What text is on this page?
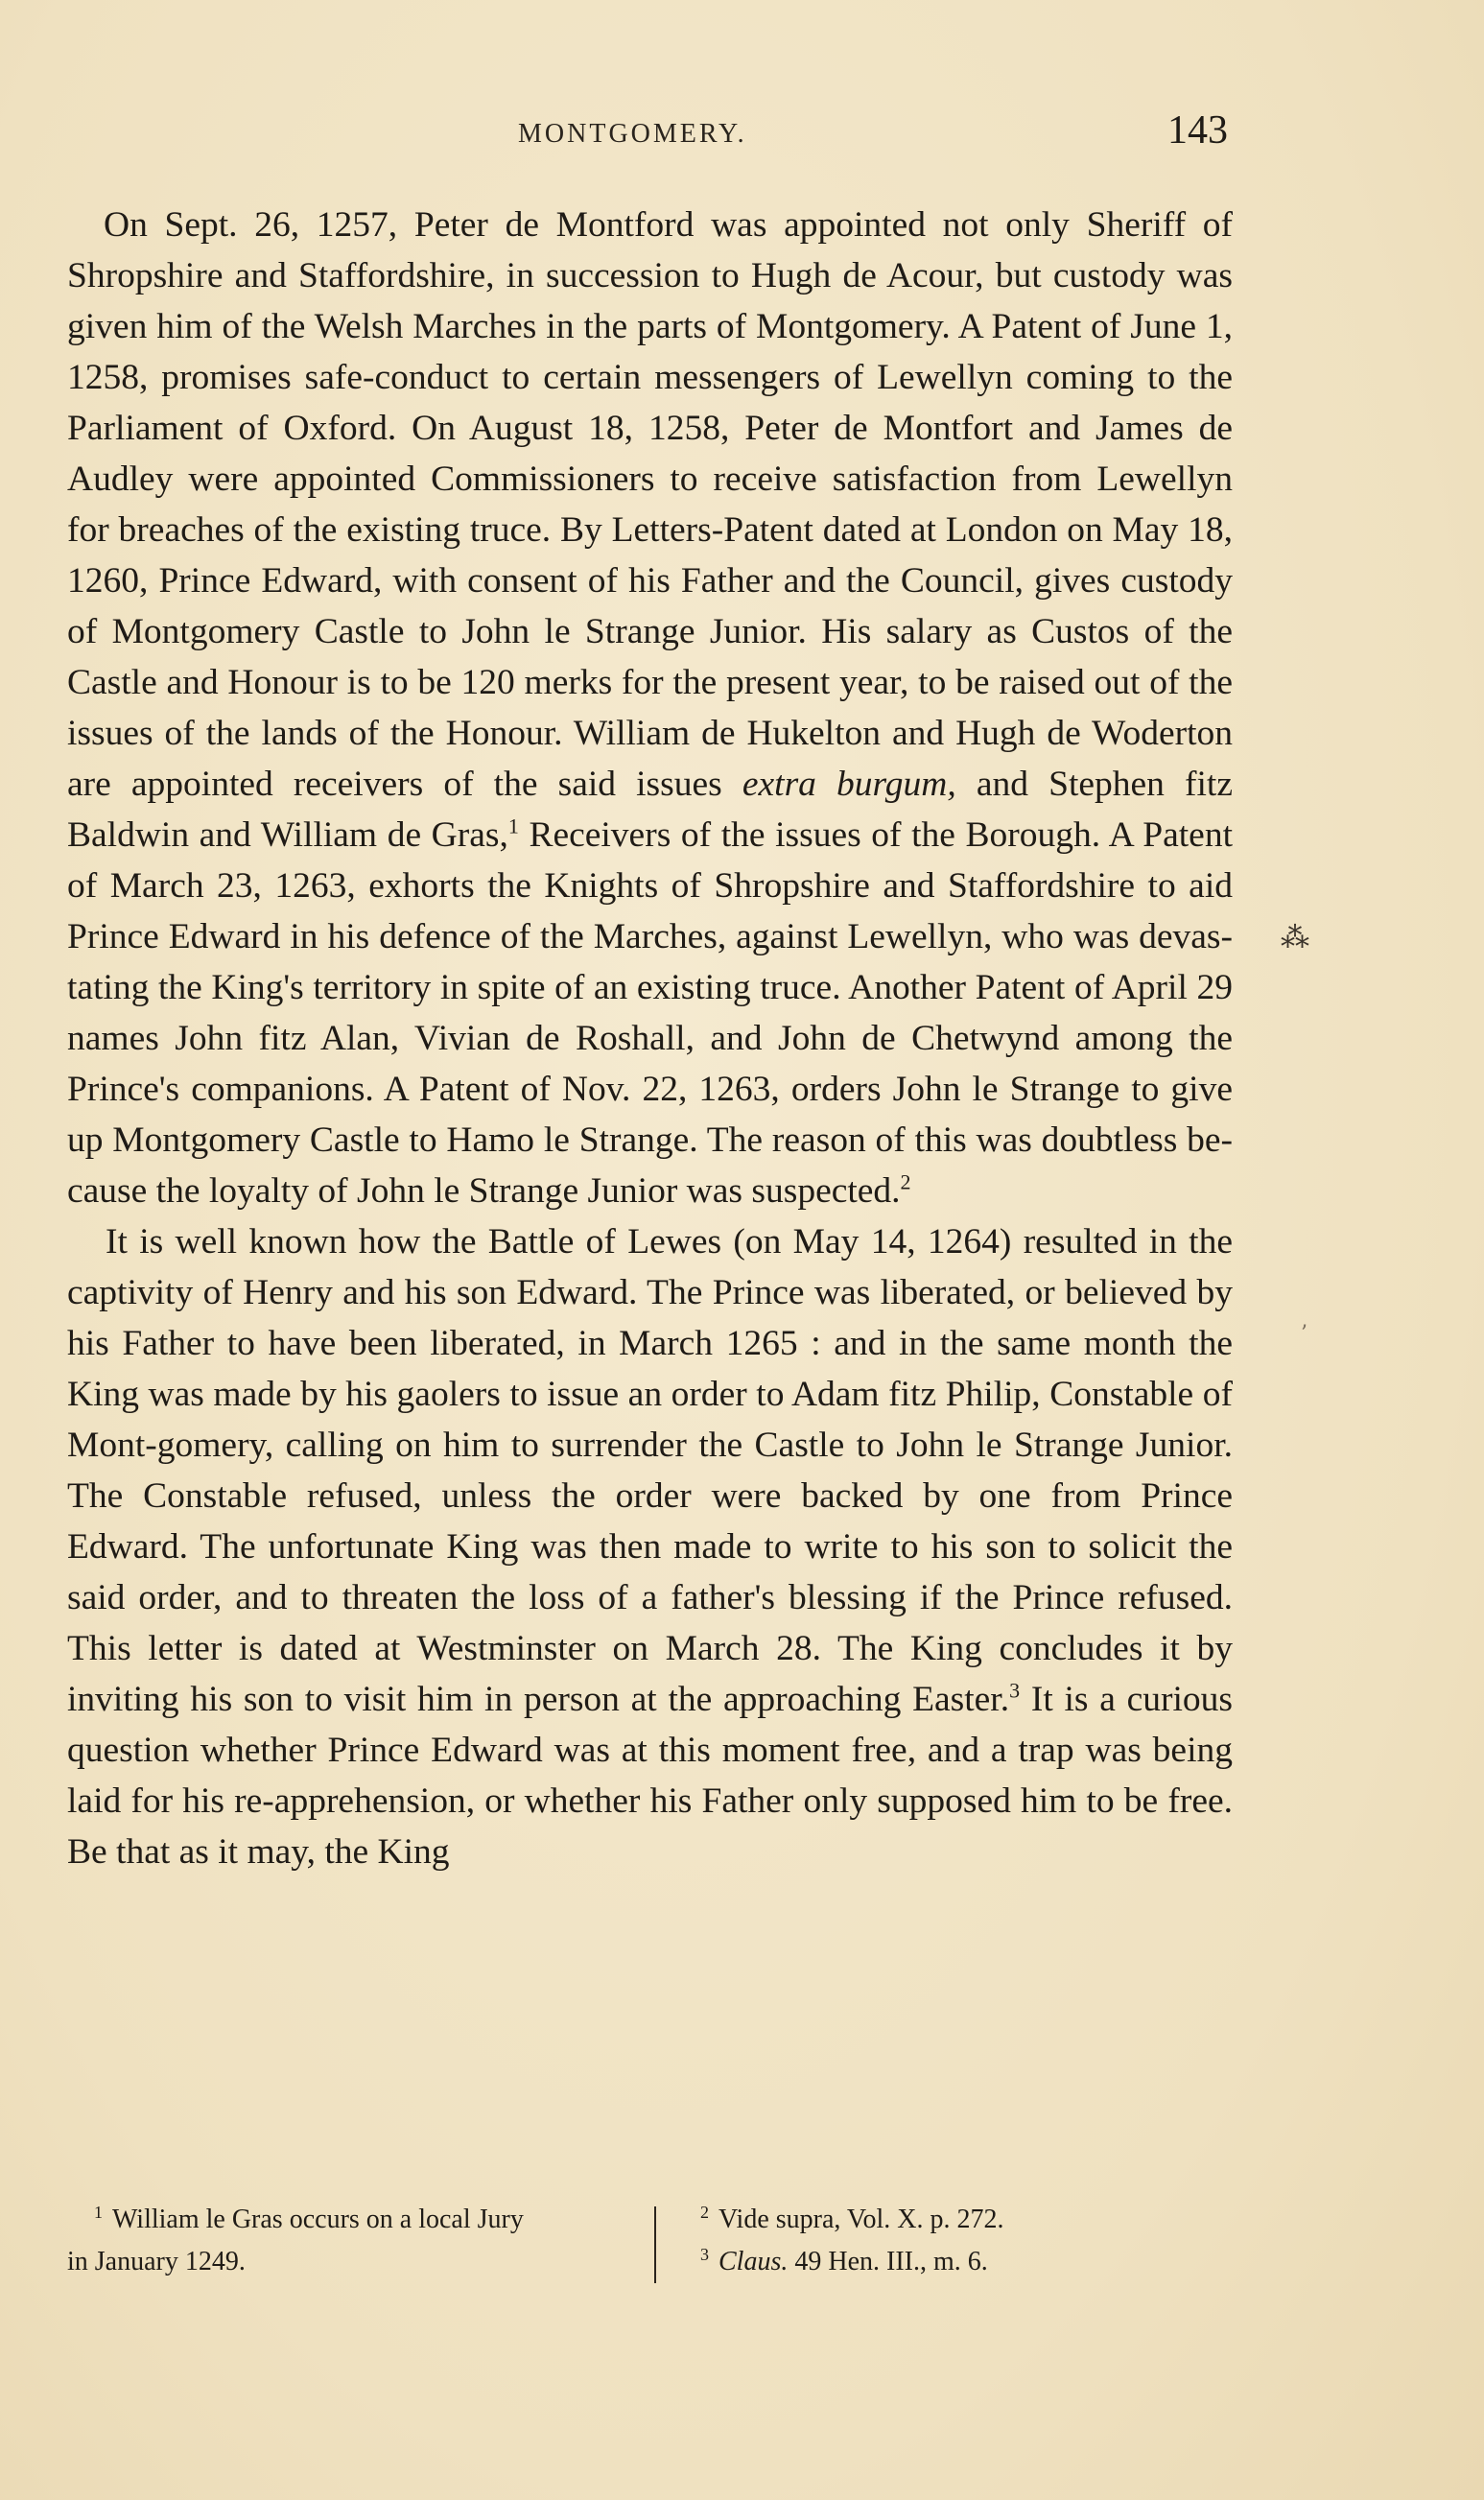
MONTGOMERY.	143

On Sept. 26, 1257, Peter de Montford was appointed not only Sheriff of Shropshire and Staffordshire, in succession to Hugh de Acour, but custody was given him of the Welsh Marches in the parts of Montgomery. A Patent of June 1, 1258, promises safe-conduct to certain messengers of Lewellyn coming to the Parliament of Oxford. On August 18, 1258, Peter de Montfort and James de Audley were appointed Commissioners to receive satisfaction from Lewellyn for breaches of the existing truce. By Letters-Patent dated at London on May 18, 1260, Prince Edward, with consent of his Father and the Council, gives custody of Montgomery Castle to John le Strange Junior. His salary as Custos of the Castle and Honour is to be 120 merks for the present year, to be raised out of the issues of the lands of the Honour. William de Hukelton and Hugh de Woderton are appointed receivers of the said issues extra burgum, and Stephen fitz Baldwin and William de Gras,$^1$ Receivers of the issues of the Borough. A Patent of March 23, 1263, exhorts the Knights of Shropshire and Staffordshire to aid Prince Edward in his defence of the Marches, against Lewellyn, who was devas-tating the King's territory in spite of an existing truce. Another Patent of April 29 names John fitz Alan, Vivian de Roshall, and John de Chetwynd among the Prince's companions. A Patent of Nov. 22, 1263, orders John le Strange to give up Montgomery Castle to Hamo le Strange. The reason of this was doubtless be-cause the loyalty of John le Strange Junior was suspected.$^2$

It is well known how the Battle of Lewes (on May 14, 1264) resulted in the captivity of Henry and his son Edward. The Prince was liberated, or believed by his Father to have been liberated, in March 1265 : and in the same month the King was made by his gaolers to issue an order to Adam fitz Philip, Constable of Mont-gomery, calling on him to surrender the Castle to John le Strange Junior. The Constable refused, unless the order were backed by one from Prince Edward. The unfortunate King was then made to write to his son to solicit the said order, and to threaten the loss of a father's blessing if the Prince refused. This letter is dated at Westminster on March 28. The King concludes it by inviting his son to visit him in person at the approaching Easter.$^3$ It is a curious question whether Prince Edward was at this moment free, and a trap was being laid for his re-apprehension, or whether his Father only supposed him to be free. Be that as it may, the King

⁂
’
$^1$ William le Gras occurs on a local Jury
in January 1249.
$^2$ Vide supra, Vol. X. p. 272.
$^3$ Claus. 49 Hen. III., m. 6.
